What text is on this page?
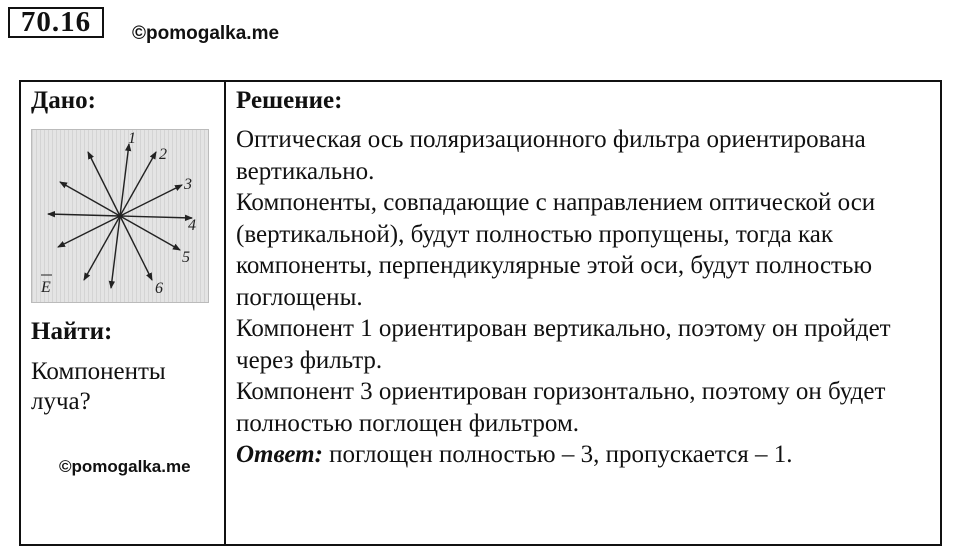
70.16	©pomogalka.me
Дано:
1
2
3
4
5
6
E
Найти:
Компоненты луча?
©pomogalka.me
Решение:

Оптическая ось поляризационного фильтра ориентирована вертикально.

Компоненты, совпадающие с направлением оптической оси (вертикальной), будут полностью пропущены, тогда как компоненты, перпендикулярные этой оси, будут полностью поглощены.

Компонент 1 ориентирован вертикально, поэтому он пройдет через фильтр.

Компонент 3 ориентирован горизонтально, поэтому он будет полностью поглощен фильтром.

Ответ: поглощен полностью – 3, пропускается – 1.
